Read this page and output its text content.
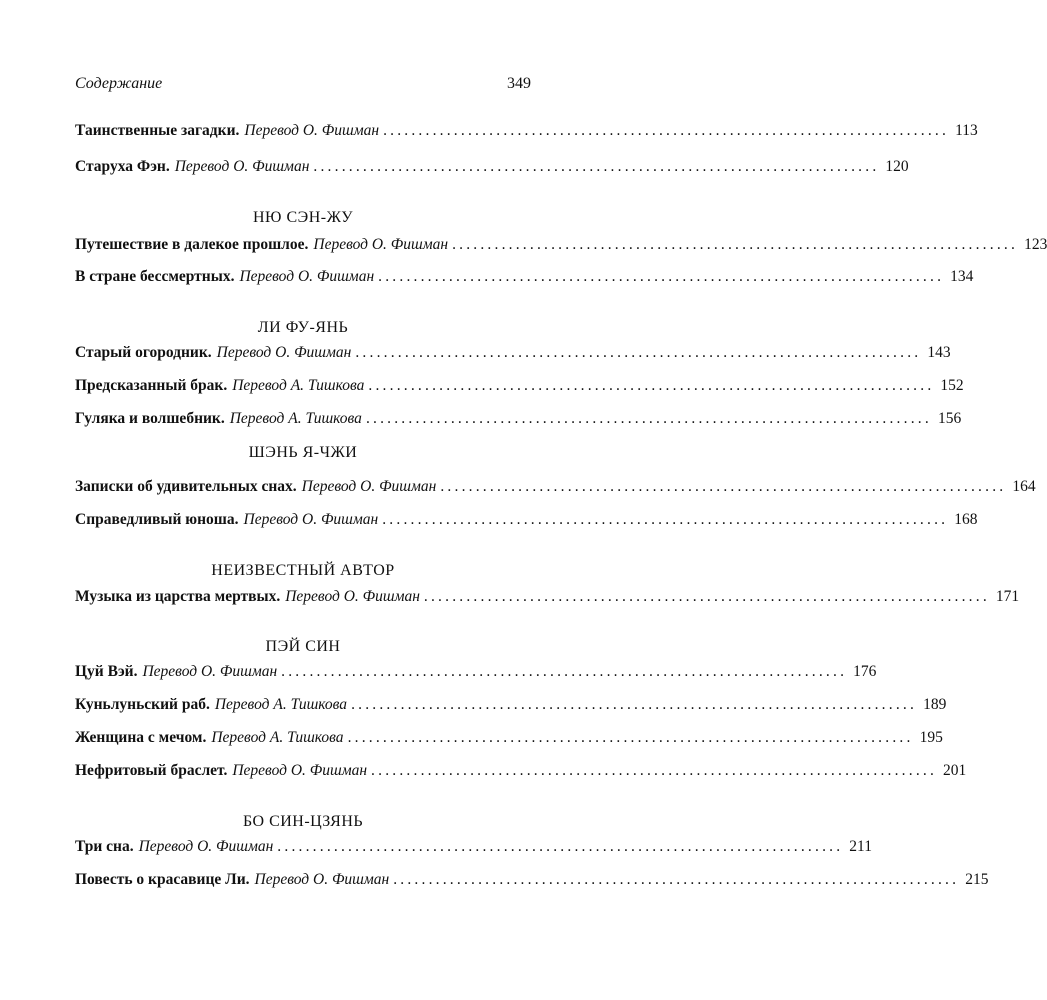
Содержание	349
Таинственные загадки. Перевод О. Фишман ................................................................................ 113
Старуха Фэн. Перевод О. Фишман ................................................................................ 120
НЮ СЭН-ЖУ
Путешествие в далекое прошлое. Перевод О. Фишман ................................................................................ 123
В стране бессмертных. Перевод О. Фишман ................................................................................ 134
ЛИ ФУ-ЯНЬ
Старый огородник. Перевод О. Фишман ................................................................................ 143
Предсказанный брак. Перевод А. Тишкова ................................................................................ 152
Гуляка и волшебник. Перевод А. Тишкова ................................................................................ 156
ШЭНЬ Я-ЧЖИ
Записки об удивительных снах. Перевод О. Фишман ................................................................................ 164
Справедливый юноша. Перевод О. Фишман ................................................................................ 168
НЕИЗВЕСТНЫЙ АВТОР
Музыка из царства мертвых. Перевод О. Фишман ................................................................................ 171
ПЭЙ СИН
Цуй Вэй. Перевод О. Фишман ................................................................................ 176
Куньлуньский раб. Перевод А. Тишкова ................................................................................ 189
Женщина с мечом. Перевод А. Тишкова ................................................................................ 195
Нефритовый браслет. Перевод О. Фишман ................................................................................ 201
БО СИН-ЦЗЯНЬ
Три сна. Перевод О. Фишман ................................................................................ 211
Повесть о красавице Ли. Перевод О. Фишман ................................................................................ 215
